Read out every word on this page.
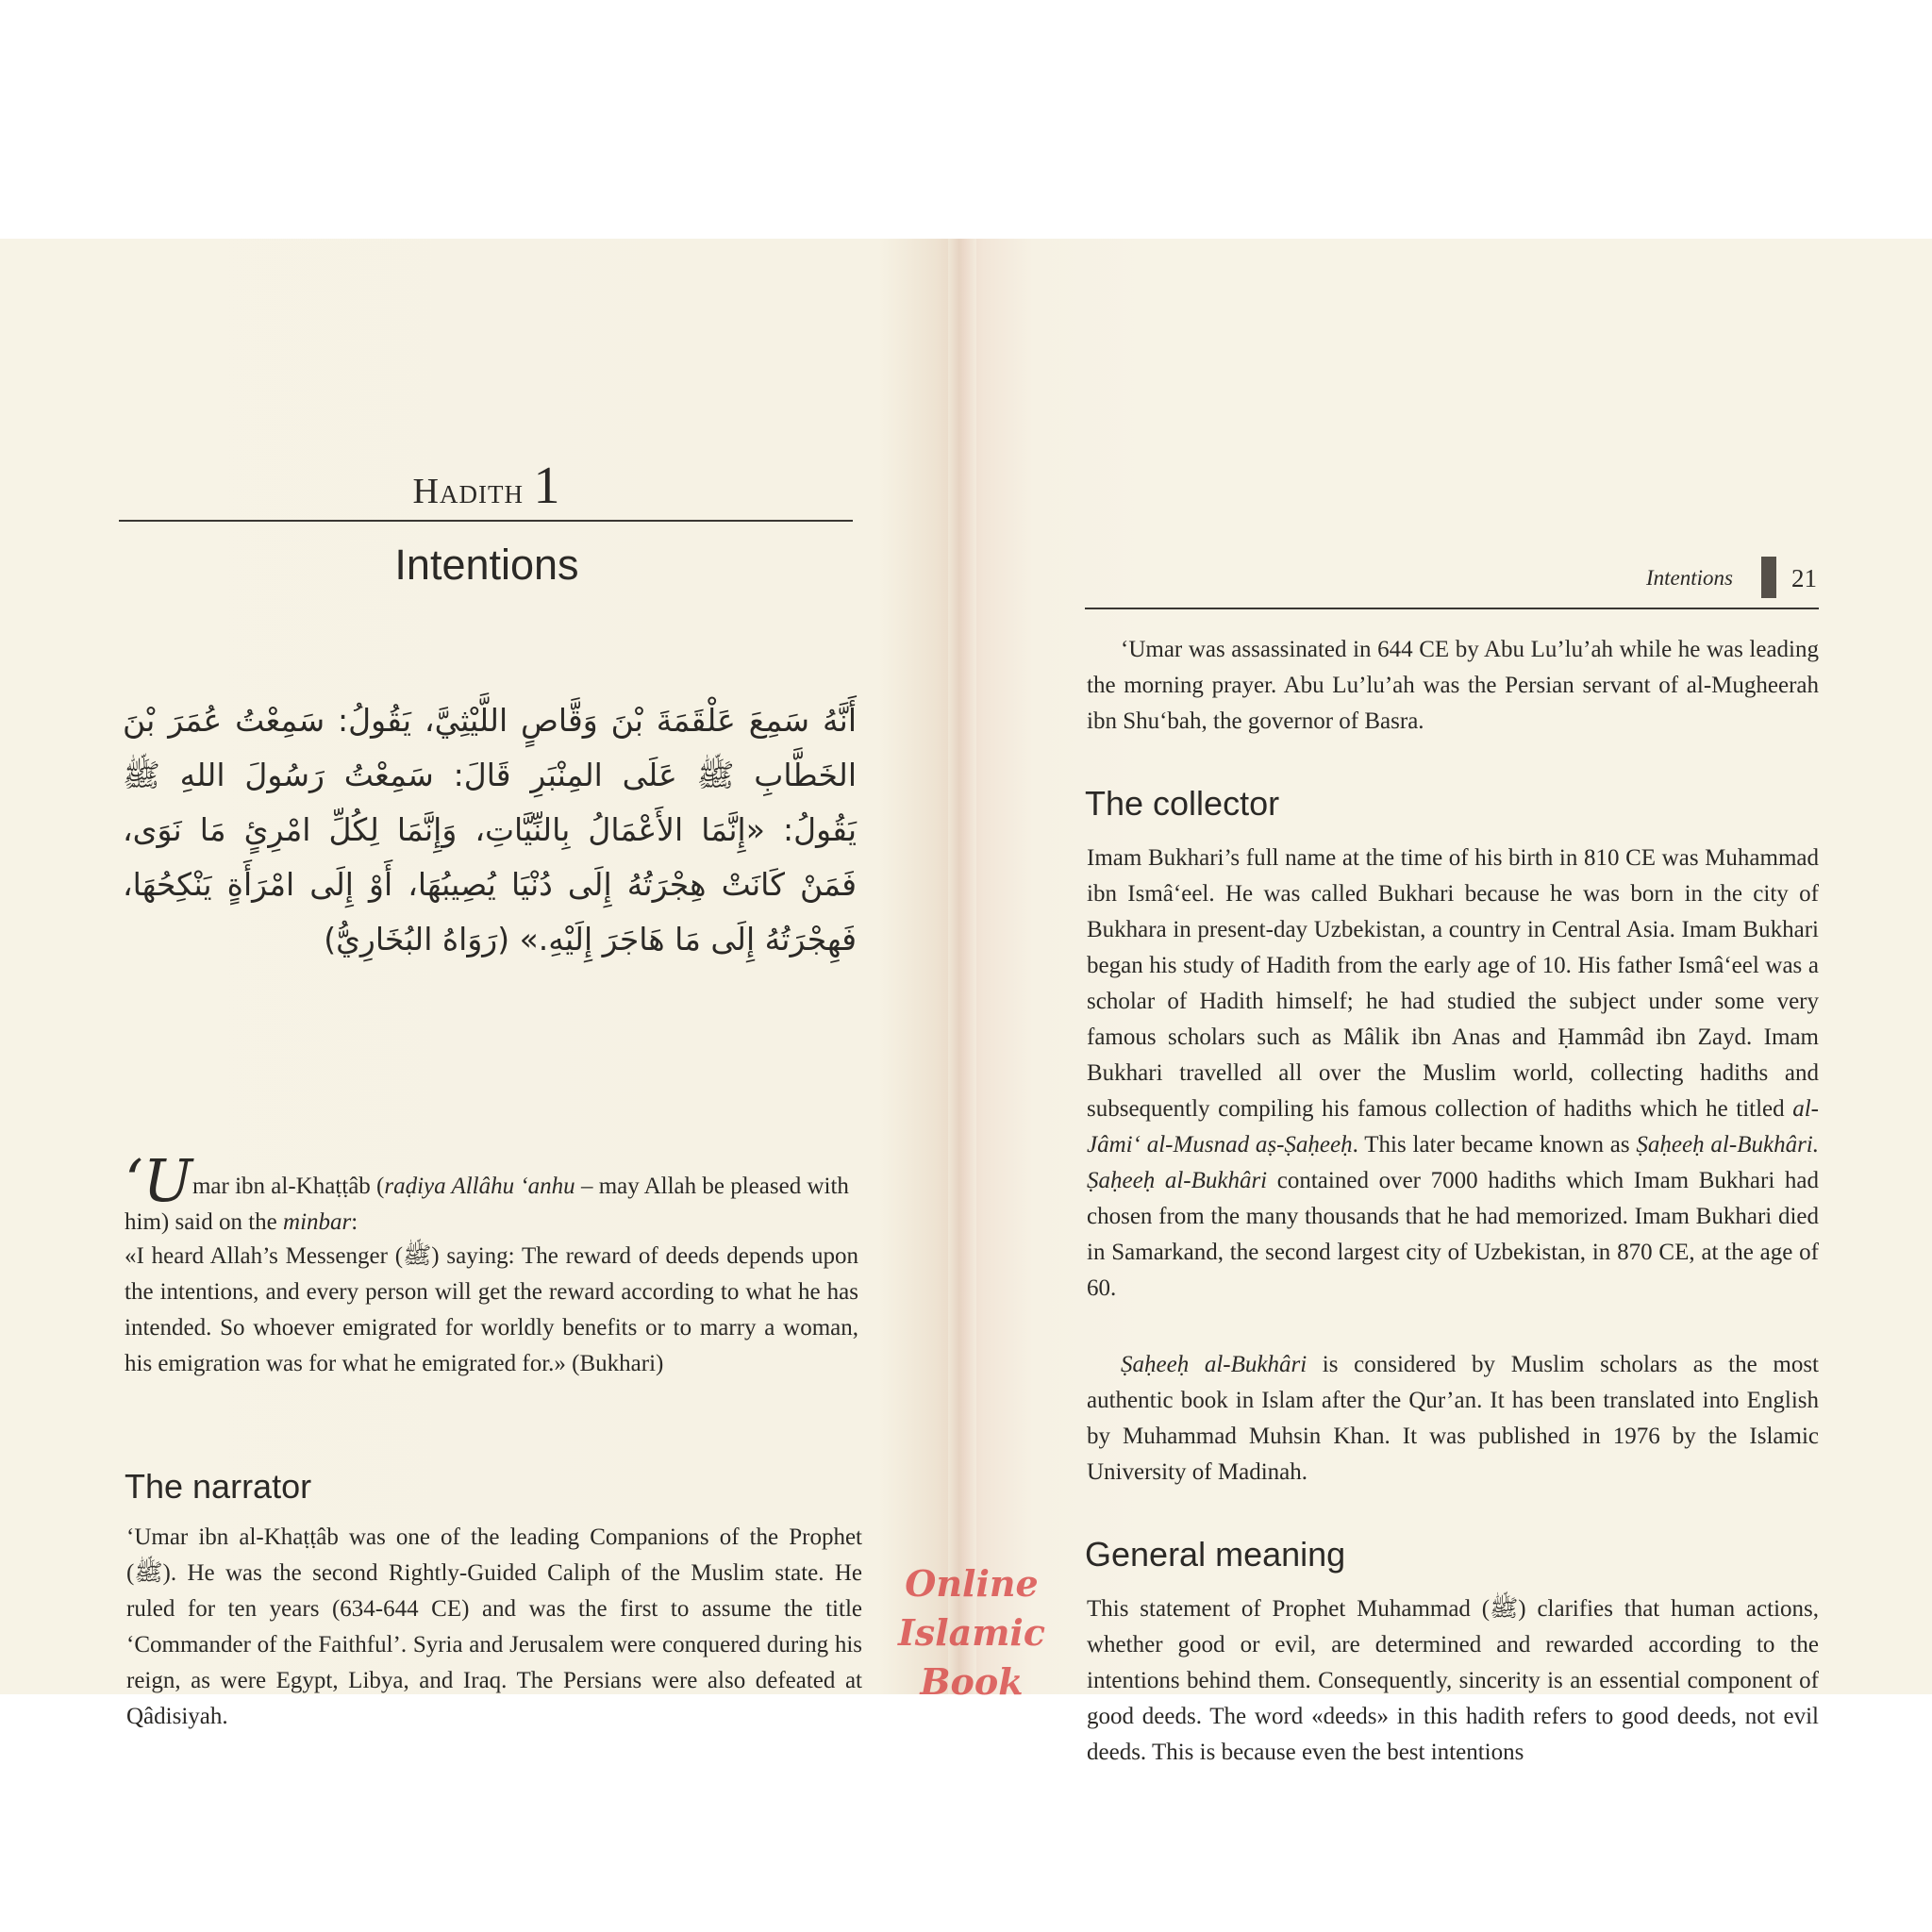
Hadith 1
Intentions
أَنَّهُ سَمِعَ عَلْقَمَةَ بْنَ وَقَّاصٍ اللَّيْثِيَّ، يَقُولُ: سَمِعْتُ عُمَرَ بْنَ الخَطَّابِ ﷺ عَلَى المِنْبَرِ قَالَ: سَمِعْتُ رَسُولَ اللهِ ﷺ يَقُولُ: «إِنَّمَا الأَعْمَالُ بِالنِّيَّاتِ، وَإِنَّمَا لِكُلِّ امْرِئٍ مَا نَوَى، فَمَنْ كَانَتْ هِجْرَتُهُ إِلَى دُنْيَا يُصِيبُهَا، أَوْ إِلَى امْرَأَةٍ يَنْكِحُهَا، فَهِجْرَتُهُ إِلَى مَا هَاجَرَ إِلَيْهِ.» (رَوَاهُ البُخَارِيُّ)
‘Umar ibn al-Khaṭṭâb (raḍiya Allâhu ‘anhu – may Allah be pleased with him) said on the minbar:

«I heard Allah’s Messenger (ﷺ) saying: The reward of deeds depends upon the intentions, and every person will get the reward according to what he has intended. So whoever emigrated for worldly benefits or to marry a woman, his emigration was for what he emigrated for.» (Bukhari)

The narrator

‘Umar ibn al-Khaṭṭâb was one of the leading Companions of the Prophet (ﷺ). He was the second Rightly-Guided Caliph of the Muslim state. He ruled for ten years (634-644 CE) and was the first to assume the title ‘Commander of the Faithful’. Syria and Jerusalem were conquered during his reign, as were Egypt, Libya, and Iraq. The Persians were also defeated at Qâdisiyah.

Intentions 21

‘Umar was assassinated in 644 CE by Abu Lu’lu’ah while he was leading the morning prayer. Abu Lu’lu’ah was the Persian servant of al-Mugheerah ibn Shu‘bah, the governor of Basra.

The collector

Imam Bukhari’s full name at the time of his birth in 810 CE was Muhammad ibn Ismâ‘eel. He was called Bukhari because he was born in the city of Bukhara in present-day Uzbekistan, a country in Central Asia. Imam Bukhari began his study of Hadith from the early age of 10. His father Ismâ‘eel was a scholar of Hadith himself; he had studied the subject under some very famous scholars such as Mâlik ibn Anas and Ḥammâd ibn Zayd. Imam Bukhari travelled all over the Muslim world, collecting hadiths and subsequently compiling his famous collection of hadiths which he titled al-Jâmi‘ al-Musnad aṣ-Ṣaḥeeḥ. This later became known as Ṣaḥeeḥ al-Bukhâri. Ṣaḥeeḥ al-Bukhâri contained over 7000 hadiths which Imam Bukhari had chosen from the many thousands that he had memorized. Imam Bukhari died in Samarkand, the second largest city of Uzbekistan, in 870 CE, at the age of 60.

Ṣaḥeeḥ al-Bukhâri is considered by Muslim scholars as the most authentic book in Islam after the Qur’an. It has been translated into English by Muhammad Muhsin Khan. It was published in 1976 by the Islamic University of Madinah.

General meaning

This statement of Prophet Muhammad (ﷺ) clarifies that human actions, whether good or evil, are determined and rewarded according to the intentions behind them. Consequently, sincerity is an essential component of good deeds. The word «deeds» in this hadith refers to good deeds, not evil deeds. This is because even the best intentions

Online Islamic
Book
